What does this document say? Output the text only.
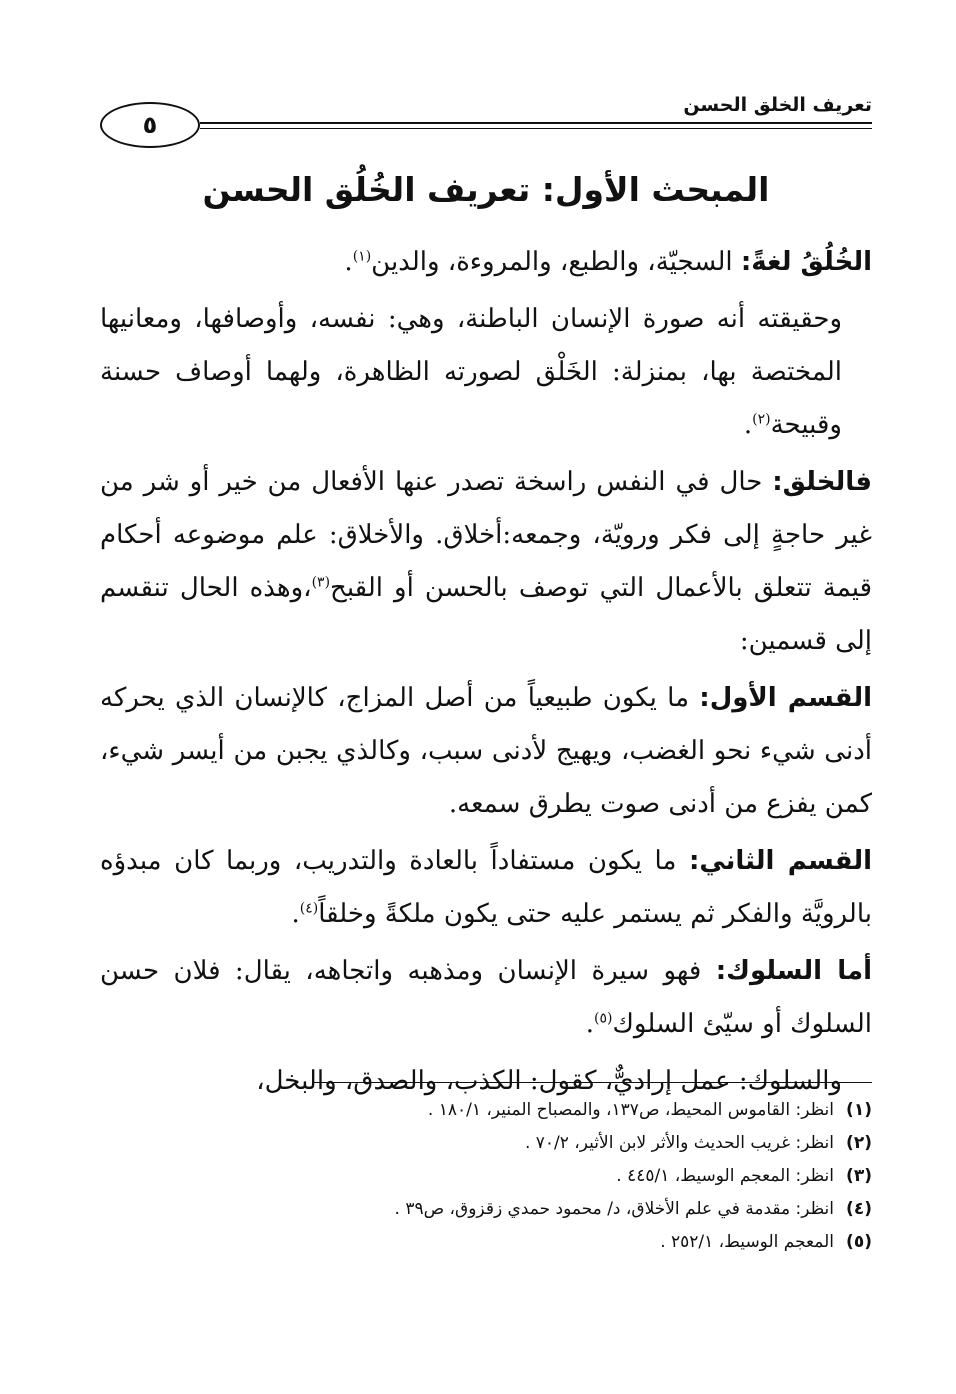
تعريف الخلق الحسن
٥
المبحث الأول: تعريف الخُلُق الحسن

الخُلُقُ لغةً: السجيّة، والطبع، والمروءة، والدين$^{(١)}$.

وحقيقته أنه صورة الإنسان الباطنة، وهي: نفسه، وأوصافها، ومعانيها المختصة بها، بمنزلة: الخَلْق لصورته الظاهرة، ولهما أوصاف حسنة وقبيحة$^{(٢)}$.

فالخلق: حال في النفس راسخة تصدر عنها الأفعال من خير أو شر من غير حاجةٍ إلى فكر ورويّة، وجمعه:أخلاق. والأخلاق: علم موضوعه أحكام قيمة تتعلق بالأعمال التي توصف بالحسن أو القبح$^{(٣)}$،وهذه الحال تنقسم إلى قسمين:

القسم الأول: ما يكون طبيعياً من أصل المزاج، كالإنسان الذي يحركه أدنى شيء نحو الغضب، ويهيج لأدنى سبب، وكالذي يجبن من أيسر شيء، كمن يفزع من أدنى صوت يطرق سمعه.

القسم الثاني: ما يكون مستفاداً بالعادة والتدريب، وربما كان مبدؤه بالرويَّة والفكر ثم يستمر عليه حتى يكون ملكةً وخلقاً$^{(٤)}$.

أما السلوك: فهو سيرة الإنسان ومذهبه واتجاهه، يقال: فلان حسن السلوك أو سيّئ السلوك$^{(٥)}$.

والسلوك: عمل إراديٌّ، كقول: الكذب، والصدق، والبخل،

(١)انظر: القاموس المحيط، ص١٣٧، والمصباح المنير، ١٨٠/١ .
(٢)انظر: غريب الحديث والأثر لابن الأثير، ٧٠/٢ .
(٣)انظر: المعجم الوسيط، ٤٤٥/١ .
(٤)انظر: مقدمة في علم الأخلاق، د/ محمود حمدي زقزوق، ص٣٩ .
(٥)المعجم الوسيط، ٢٥٢/١ .
